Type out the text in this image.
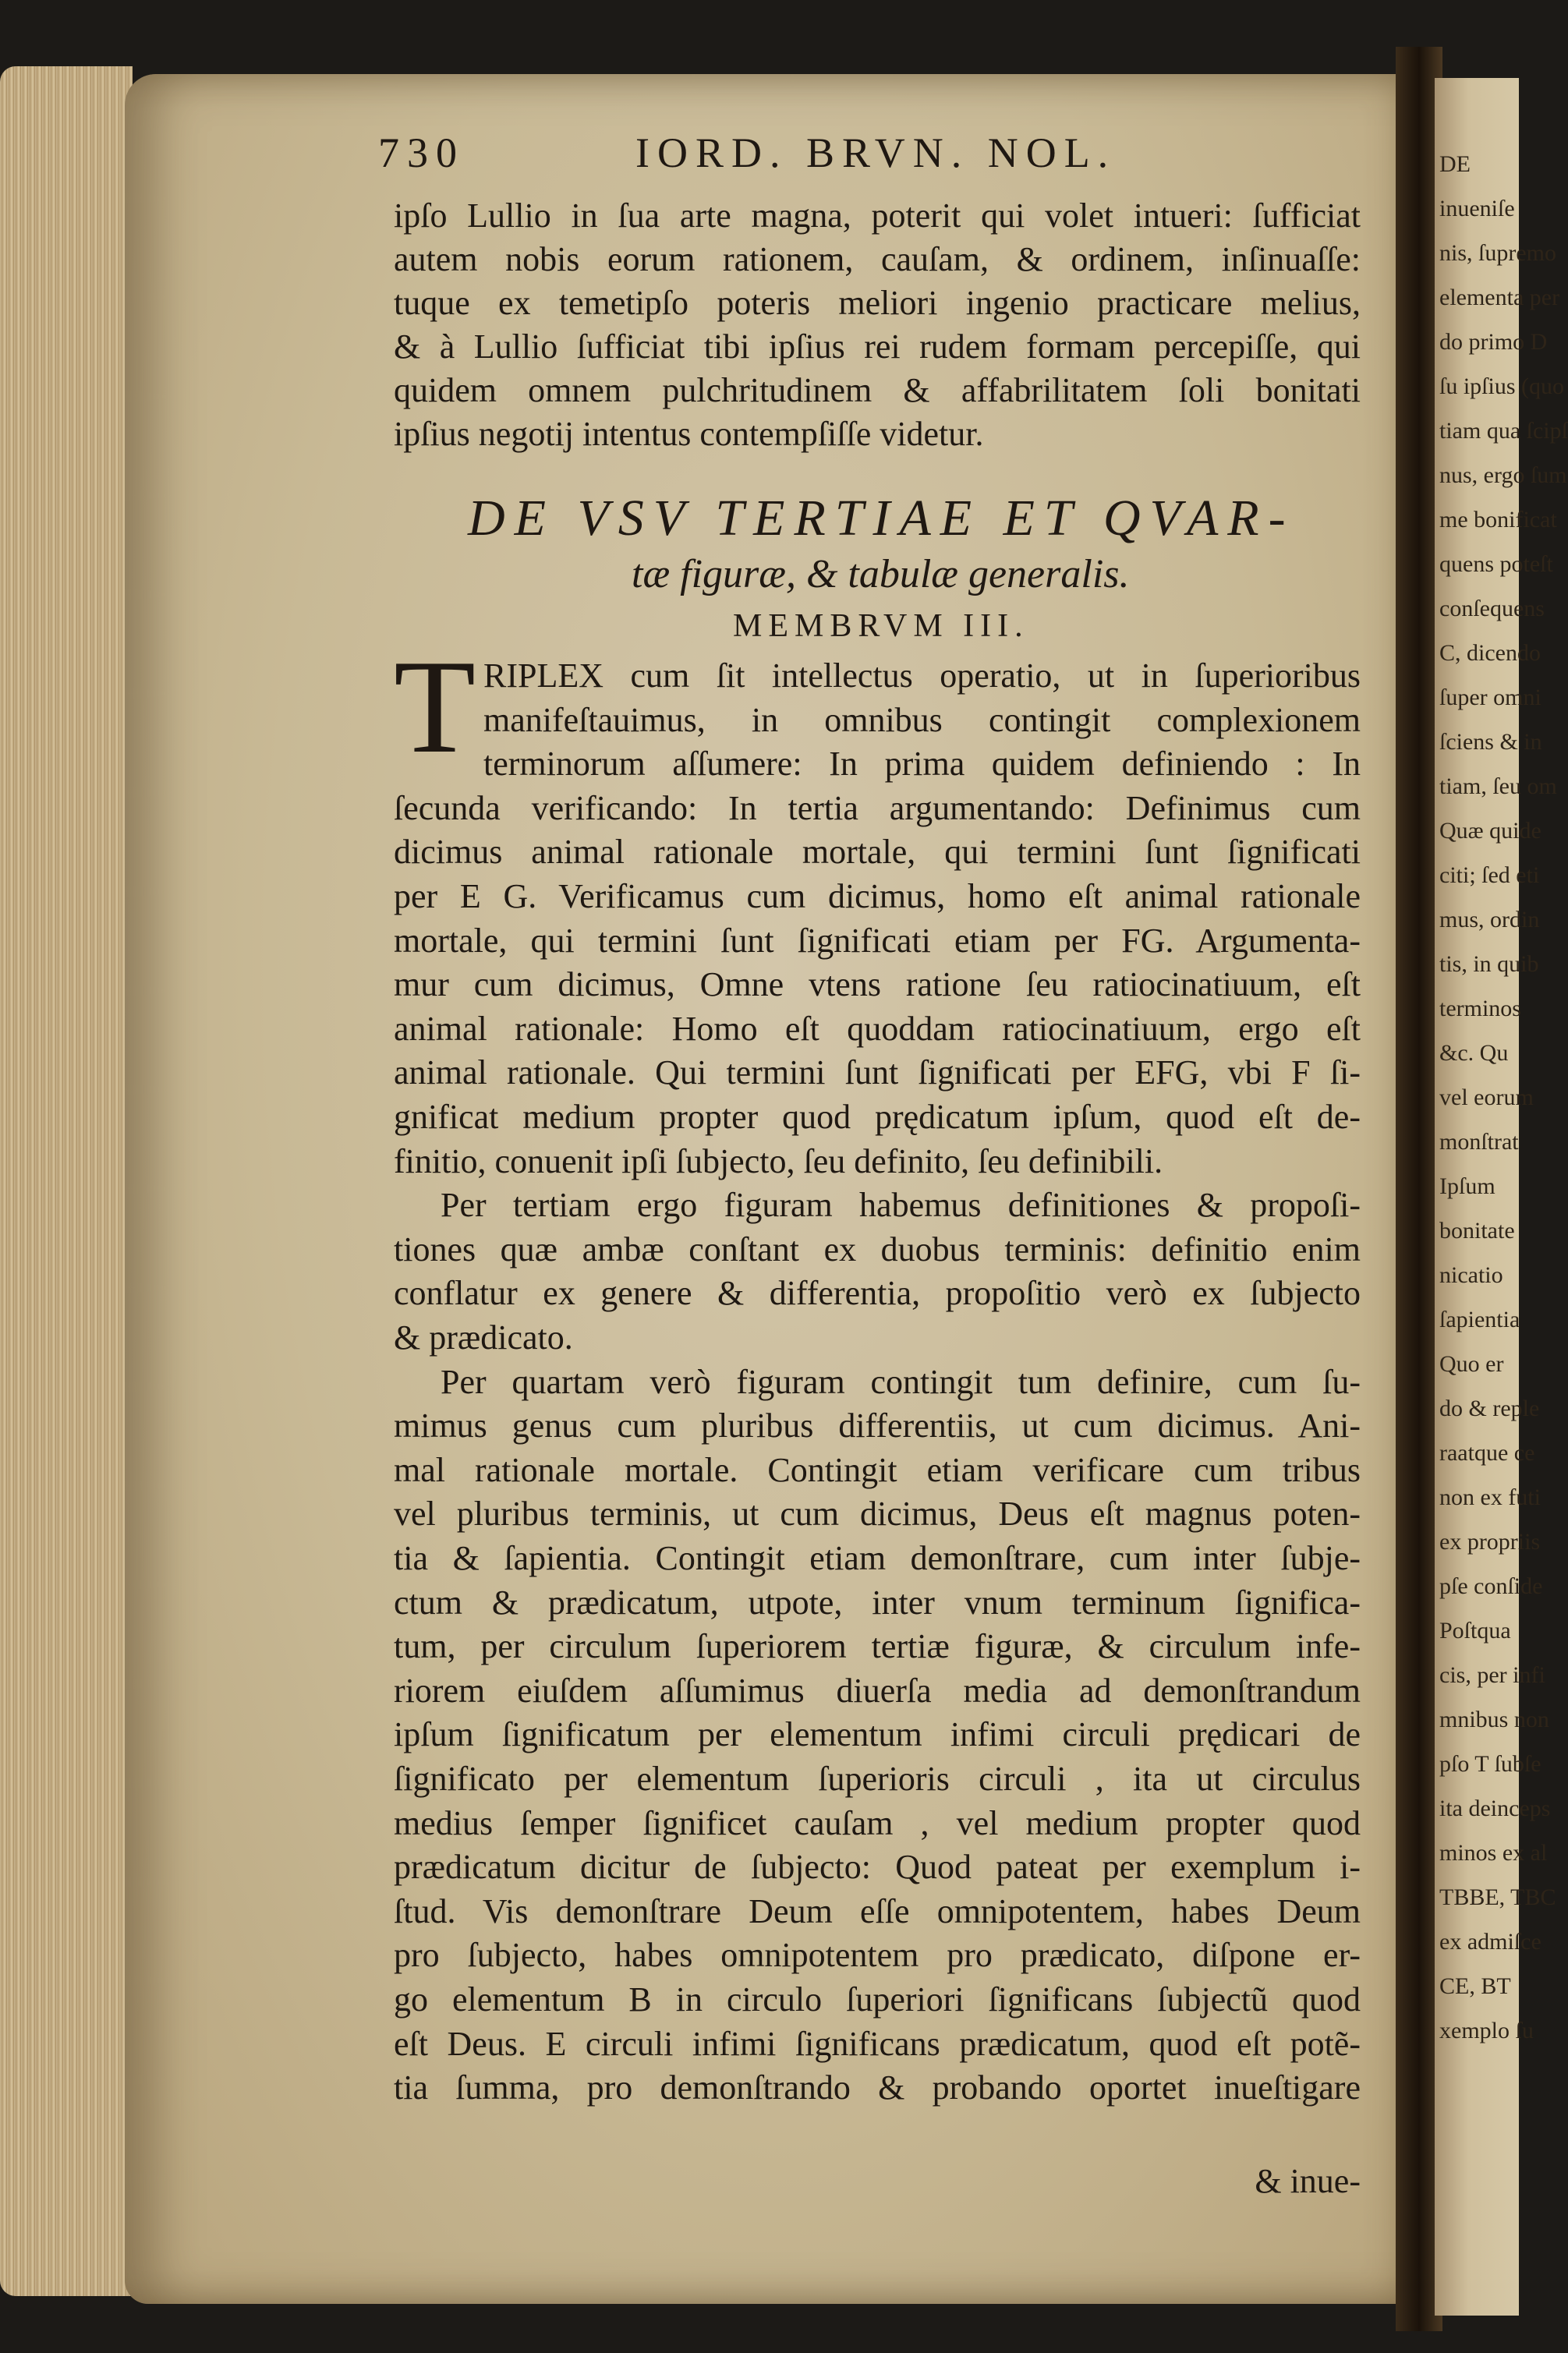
DE
inueniſe
nis, ſupremo
elementa per
do primo D
ſu ipſius (quo
tiam qua ſcipſ
nus, ergo ſum
me bonificat
quens poteſt
conſequens
C, dicendo
ſuper omni
ſciens & in
tiam, ſeu om
Quæ quide
citi; ſed eti
mus, ordin
tis, in quib
terminos
&c. Qu
vel eorum
monſtrat
Ipſum
bonitate
nicatio
ſapientia
Quo er
do & reple
raatque ce
non ex futi
ex propriis
pſe conſide
Poſtqua
cis, per infi
mnibus non
pſo T ſubſe
ita deinceps
minos ex al
TBBE, TBC
ex admiſce
CE, BT
xemplo ſu
730	IORD. BRVN. NOL.
ipſo Lullio in ſua arte magna, poterit qui volet intueri: ſufficiat
autem nobis eorum rationem, cauſam, & ordinem, inſinuaſſe:
tuque ex temetipſo poteris meliori ingenio practicare melius,
& à Lullio ſufficiat tibi ipſius rei rudem formam percepiſſe, qui
quidem omnem pulchritudinem & affabrilitatem ſoli bonitati
ipſius negotij intentus contempſiſſe videtur.
DE VSV TERTIAE ET QVAR-
tæ figuræ, & tabulæ generalis.
MEMBRVM III.
T RIPLEX cum ſit intellectus operatio, ut in ſuperioribus
manifeſtauimus, in omnibus contingit complexionem
terminorum aſſumere: In prima quidem definiendo : In
ſecunda verificando: In tertia argumentando: Definimus cum
dicimus animal rationale mortale, qui termini ſunt ſignificati
per E G. Verificamus cum dicimus, homo eſt animal rationale
mortale, qui termini ſunt ſignificati etiam per FG. Argumenta-
mur cum dicimus, Omne vtens ratione ſeu ratiocinatiuum, eſt
animal rationale: Homo eſt quoddam ratiocinatiuum, ergo eſt
animal rationale. Qui termini ſunt ſignificati per EFG, vbi F ſi-
gnificat medium propter quod prędicatum ipſum, quod eſt de-
finitio, conuenit ipſi ſubjecto, ſeu definito, ſeu definibili.
Per tertiam ergo figuram habemus definitiones & propoſi-
tiones quæ ambæ conſtant ex duobus terminis: definitio enim
conflatur ex genere & differentia, propoſitio verò ex ſubjecto
& prædicato.
Per quartam verò figuram contingit tum definire, cum ſu-
mimus genus cum pluribus differentiis, ut cum dicimus. Ani-
mal rationale mortale. Contingit etiam verificare cum tribus
vel pluribus terminis, ut cum dicimus, Deus eſt magnus poten-
tia & ſapientia. Contingit etiam demonſtrare, cum inter ſubje-
ctum & prædicatum, utpote, inter vnum terminum ſignifica-
tum, per circulum ſuperiorem tertiæ figuræ, & circulum infe-
riorem eiuſdem aſſumimus diuerſa media ad demonſtrandum
ipſum ſignificatum per elementum infimi circuli prędicari de
ſignificato per elementum ſuperioris circuli , ita ut circulus
medius ſemper ſignificet cauſam , vel medium propter quod
prædicatum dicitur de ſubjecto: Quod pateat per exemplum i-
ſtud. Vis demonſtrare Deum eſſe omnipotentem, habes Deum
pro ſubjecto, habes omnipotentem pro prædicato, diſpone er-
go elementum B in circulo ſuperiori ſignificans ſubjectũ quod
eſt Deus. E circuli infimi ſignificans prædicatum, quod eſt potẽ-
tia ſumma, pro demonſtrando & probando oportet inueſtigare
& inue-
